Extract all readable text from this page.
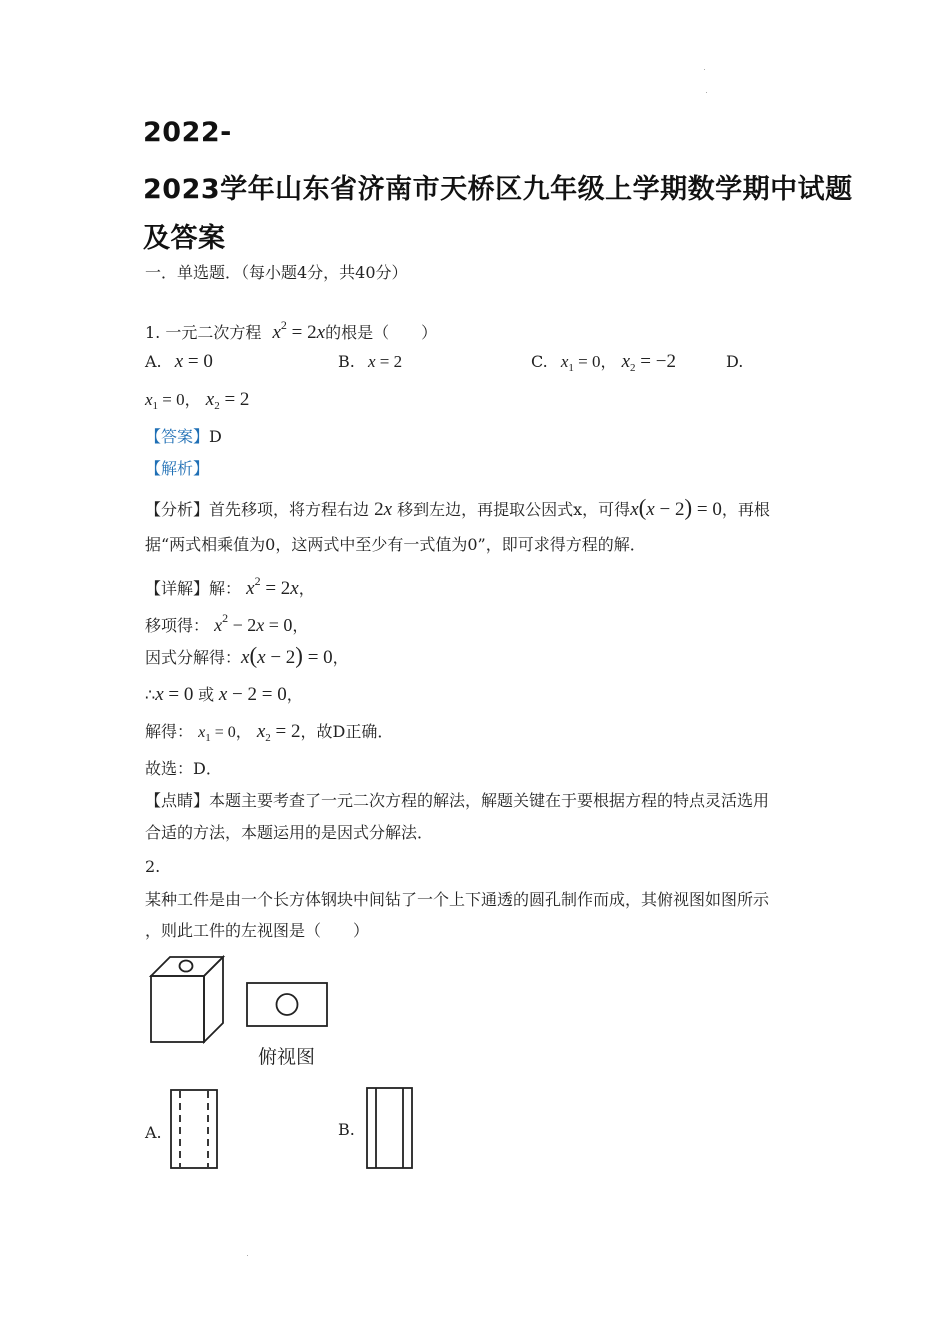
2022-
2023学年山东省济南市天桥区九年级上学期数学期中试题
及答案
一．单选题．（每小题4分，共40分）
1. 一元二次方程 $x^2 = 2x$的根是（　　）
A. x = 0	B. x = 2	C. $x_1 = 0$， $x_2 = -2$	D.
$x_1 = 0$， $x_2 = 2$
【答案】D
【解析】
【分析】首先移项，将方程右边 2x 移到左边，再提取公因式x，可得x(x − 2) = 0，再根
据“两式相乘值为0，这两式中至少有一式值为0”，即可求得方程的解．
【详解】解： $x^2 = 2x$，
移项得： $x^2 - 2x = 0$，
因式分解得：x(x − 2) = 0，
∴x = 0 或 x − 2 = 0，
解得： $x_1 = 0$， $x_2 = 2$，故D正确．
故选：D．
【点睛】本题主要考查了一元二次方程的解法，解题关键在于要根据方程的特点灵活选用
合适的方法，本题运用的是因式分解法．
2.
某种工件是由一个长方体钢块中间钻了一个上下通透的圆孔制作而成，其俯视图如图所示
，则此工件的左视图是（　　）
俯视图
A.	B.
